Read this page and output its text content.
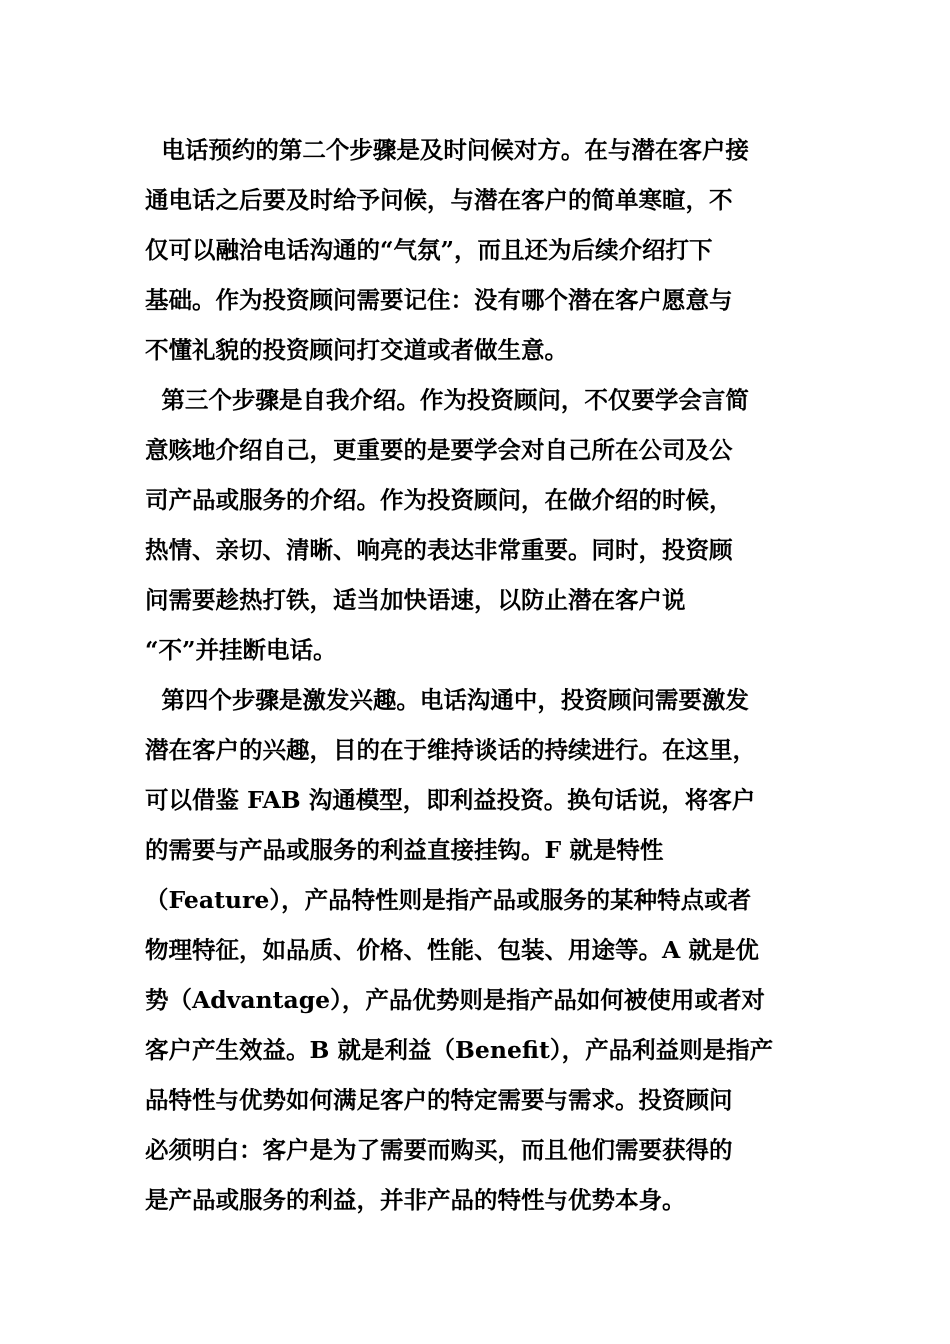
电话预约的第二个步骤是及时问候对方。在与潜在客户接
通电话之后要及时给予问候，与潜在客户的简单寒暄，不
仅可以融洽电话沟通的“气氛”，而且还为后续介绍打下
基础。作为投资顾问需要记住：没有哪个潜在客户愿意与
不懂礼貌的投资顾问打交道或者做生意。
第三个步骤是自我介绍。作为投资顾问，不仅要学会言简
意赅地介绍自己，更重要的是要学会对自己所在公司及公
司产品或服务的介绍。作为投资顾问，在做介绍的时候，
热情、亲切、清晰、响亮的表达非常重要。同时，投资顾
问需要趁热打铁，适当加快语速，以防止潜在客户说
“不”并挂断电话。
第四个步骤是激发兴趣。电话沟通中，投资顾问需要激发
潜在客户的兴趣，目的在于维持谈话的持续进行。在这里，
可以借鉴 FAB 沟通模型，即利益投资。换句话说，将客户
的需要与产品或服务的利益直接挂钩。F 就是特性
（Feature），产品特性则是指产品或服务的某种特点或者
物理特征，如品质、价格、性能、包装、用途等。A 就是优
势（Advantage），产品优势则是指产品如何被使用或者对
客户产生效益。B 就是利益（Benefit），产品利益则是指产
品特性与优势如何满足客户的特定需要与需求。投资顾问
必须明白：客户是为了需要而购买，而且他们需要获得的
是产品或服务的利益，并非产品的特性与优势本身。
